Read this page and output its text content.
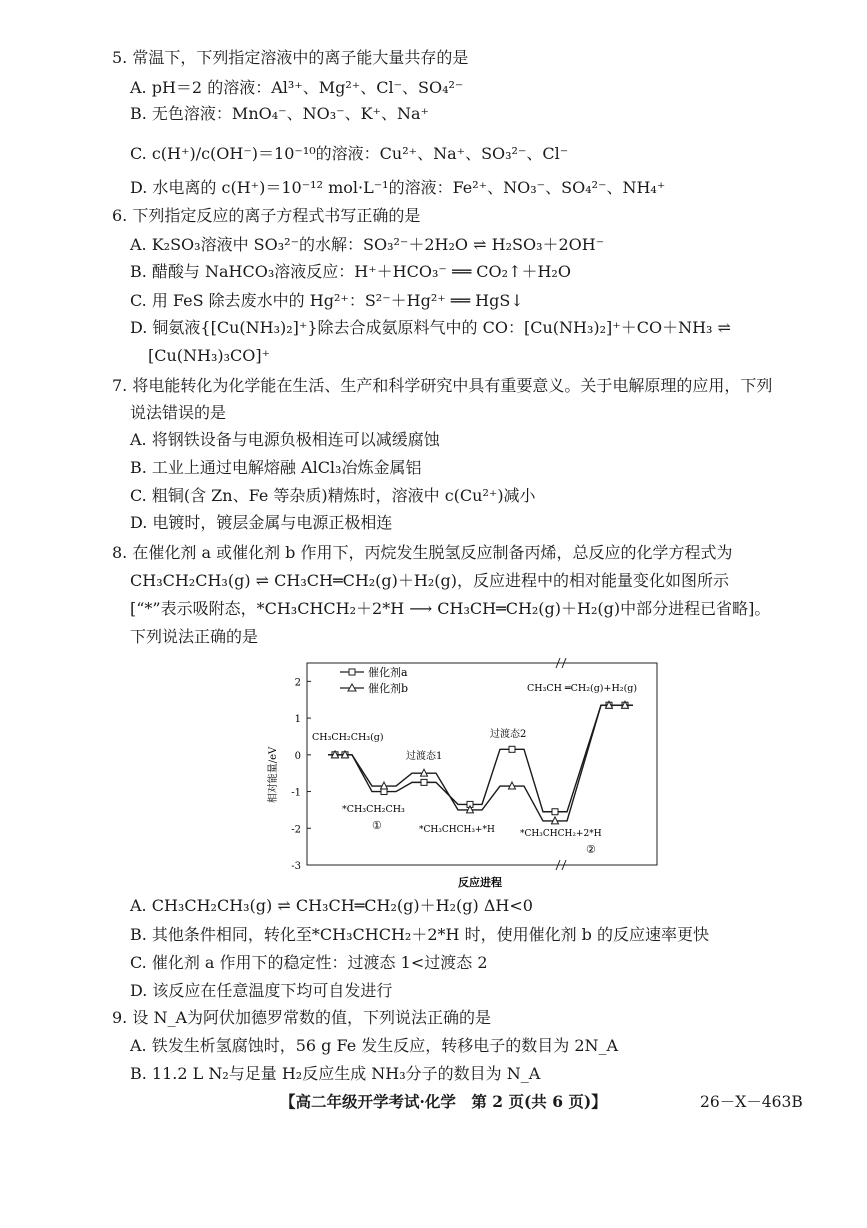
5. 常温下，下列指定溶液中的离子能大量共存的是
A. pH＝2 的溶液：Al³⁺、Mg²⁺、Cl⁻、SO₄²⁻
B. 无色溶液：MnO₄⁻、NO₃⁻、K⁺、Na⁺
C. c(H⁺)/c(OH⁻)＝10⁻¹⁰的溶液：Cu²⁺、Na⁺、SO₃²⁻、Cl⁻
D. 水电离的 c(H⁺)＝10⁻¹² mol·L⁻¹的溶液：Fe²⁺、NO₃⁻、SO₄²⁻、NH₄⁺
6. 下列指定反应的离子方程式书写正确的是
A. K₂SO₃溶液中 SO₃²⁻的水解：SO₃²⁻＋2H₂O ⇌ H₂SO₃＋2OH⁻
B. 醋酸与 NaHCO₃溶液反应：H⁺＋HCO₃⁻ ══ CO₂↑＋H₂O
C. 用 FeS 除去废水中的 Hg²⁺：S²⁻＋Hg²⁺ ══ HgS↓
D. 铜氨液{[Cu(NH₃)₂]⁺}除去合成氨原料气中的 CO：[Cu(NH₃)₂]⁺＋CO＋NH₃ ⇌
[Cu(NH₃)₃CO]⁺
7. 将电能转化为化学能在生活、生产和科学研究中具有重要意义。关于电解原理的应用，下列
说法错误的是
A. 将钢铁设备与电源负极相连可以减缓腐蚀
B. 工业上通过电解熔融 AlCl₃冶炼金属铝
C. 粗铜(含 Zn、Fe 等杂质)精炼时，溶液中 c(Cu²⁺)减小
D. 电镀时，镀层金属与电源正极相连
8. 在催化剂 a 或催化剂 b 作用下，丙烷发生脱氢反应制备丙烯，总反应的化学方程式为
CH₃CH₂CH₃(g) ⇌ CH₃CH═CH₂(g)＋H₂(g)，反应进程中的相对能量变化如图所示
[“*”表示吸附态，*CH₃CHCH₂＋2*H ⟶ CH₃CH═CH₂(g)＋H₂(g)中部分进程已省略]。
下列说法正确的是
2
1
0
-1
-2
-3
相对能量/eV
反应进程
催化剂a
催化剂b
CH₃CH₂CH₃(g)
过渡态1
过渡态2
*CH₃CH₂CH₃
①	*CH₃CHCH₃+*H	*CH₃CHCH₂+2*H
②
CH₃CH ═CH₂(g)+H₂(g)
A. CH₃CH₂CH₃(g) ⇌ CH₃CH═CH₂(g)＋H₂(g) ΔH<0
B. 其他条件相同，转化至*CH₃CHCH₂＋2*H 时，使用催化剂 b 的反应速率更快
C. 催化剂 a 作用下的稳定性：过渡态 1<过渡态 2
D. 该反应在任意温度下均可自发进行
9. 设 N_A为阿伏加德罗常数的值，下列说法正确的是
A. 铁发生析氢腐蚀时，56 g Fe 发生反应，转移电子的数目为 2N_A
B. 11.2 L N₂与足量 H₂反应生成 NH₃分子的数目为 N_A
【高二年级开学考试·化学　第 2 页(共 6 页)】	26－X－463B
